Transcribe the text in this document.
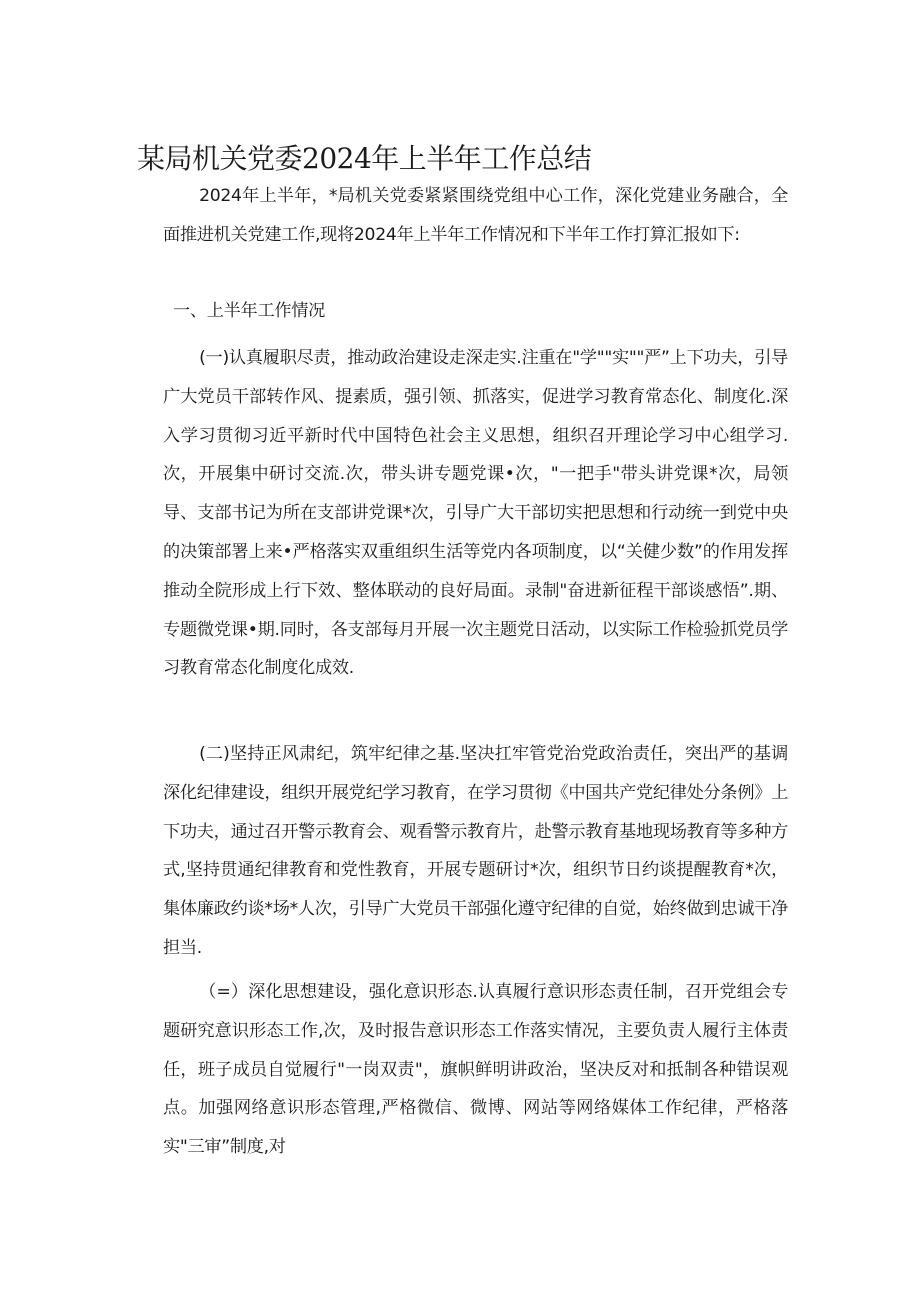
某局机关党委2024年上半年工作总结

2024年上半年，*局机关党委紧紧围绕党组中心工作，深化党建业务融合，全面推进机关党建工作,现将2024年上半年工作情况和下半年工作打算汇报如下:

一、上半年工作情况

(一)认真履职尽责，推动政治建设走深走实.注重在"学""实""严”上下功夫，引导广大党员干部转作风、提素质，强引领、抓落实，促进学习教育常态化、制度化.深入学习贯彻习近平新时代中国特色社会主义思想，组织召开理论学习中心组学习.次，开展集中研讨交流.次，带头讲专题党课•次，"一把手"带头讲党课*次，局领导、支部书记为所在支部讲党课*次，引导广大干部切实把思想和行动统一到党中央的决策部署上来•严格落实双重组织生活等党内各项制度，以“关健少数”的作用发挥推动全院形成上行下效、整体联动的良好局面。录制"奋进新征程干部谈感悟”.期、专题微党课•期.同时，各支部每月开展一次主题党日活动，以实际工作检验抓党员学习教育常态化制度化成效.

(二)坚持正风肃纪，筑牢纪律之基.坚决扛牢管党治党政治责任，突出严的基调深化纪律建设，组织开展党纪学习教育，在学习贯彻《中国共产党纪律处分条例》上下功夫，通过召开警示教育会、观看警示教育片，赴警示教育基地现场教育等多种方式,坚持贯通纪律教育和党性教育，开展专题研讨*次，组织节日约谈提醒教育*次，集体廉政约谈*场*人次，引导广大党员干部强化遵守纪律的自觉，始终做到忠诚干净担当.

（=）深化思想建设，强化意识形态.认真履行意识形态责任制，召开党组会专题研究意识形态工作,次，及时报告意识形态工作落实情况，主要负责人履行主体责任，班子成员自觉履行"一岗双责"，旗帜鲜明讲政治，坚决反对和抵制各种错误观点。加强网络意识形态管理,严格微信、微博、网站等网络媒体工作纪律，严格落实"三审”制度,对
